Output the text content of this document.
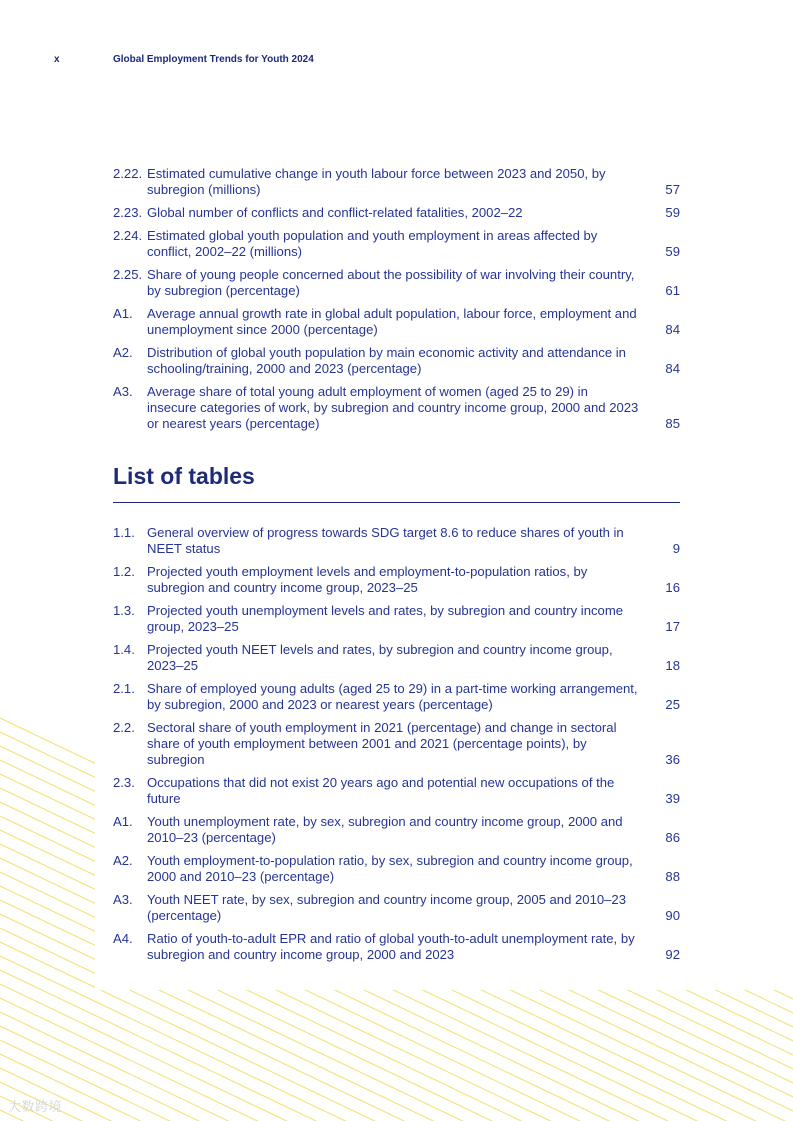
x	Global Employment Trends for Youth 2024
2.22. Estimated cumulative change in youth labour force between 2023 and 2050, by subregion (millions)	57
2.23. Global number of conflicts and conflict-related fatalities, 2002–22	59
2.24. Estimated global youth population and youth employment in areas affected by conflict, 2002–22 (millions)	59
2.25. Share of young people concerned about the possibility of war involving their country, by subregion (percentage)	61
A1. Average annual growth rate in global adult population, labour force, employment and unemployment since 2000 (percentage)	84
A2. Distribution of global youth population by main economic activity and attendance in schooling/training, 2000 and 2023 (percentage)	84
A3. Average share of total young adult employment of women (aged 25 to 29) in insecure categories of work, by subregion and country income group, 2000 and 2023 or nearest years (percentage)	85
List of tables
1.1. General overview of progress towards SDG target 8.6 to reduce shares of youth in NEET status	9
1.2. Projected youth employment levels and employment-to-population ratios, by subregion and country income group, 2023–25	16
1.3. Projected youth unemployment levels and rates, by subregion and country income group, 2023–25	17
1.4. Projected youth NEET levels and rates, by subregion and country income group, 2023–25	18
2.1. Share of employed young adults (aged 25 to 29) in a part-time working arrangement, by subregion, 2000 and 2023 or nearest years (percentage)	25
2.2. Sectoral share of youth employment in 2021 (percentage) and change in sectoral share of youth employment between 2001 and 2021 (percentage points), by subregion	36
2.3. Occupations that did not exist 20 years ago and potential new occupations of the future	39
A1. Youth unemployment rate, by sex, subregion and country income group, 2000 and 2010–23 (percentage)	86
A2. Youth employment-to-population ratio, by sex, subregion and country income group, 2000 and 2010–23 (percentage)	88
A3. Youth NEET rate, by sex, subregion and country income group, 2005 and 2010–23 (percentage)	90
A4. Ratio of youth-to-adult EPR and ratio of global youth-to-adult unemployment rate, by subregion and country income group, 2000 and 2023	92
大数跨境
